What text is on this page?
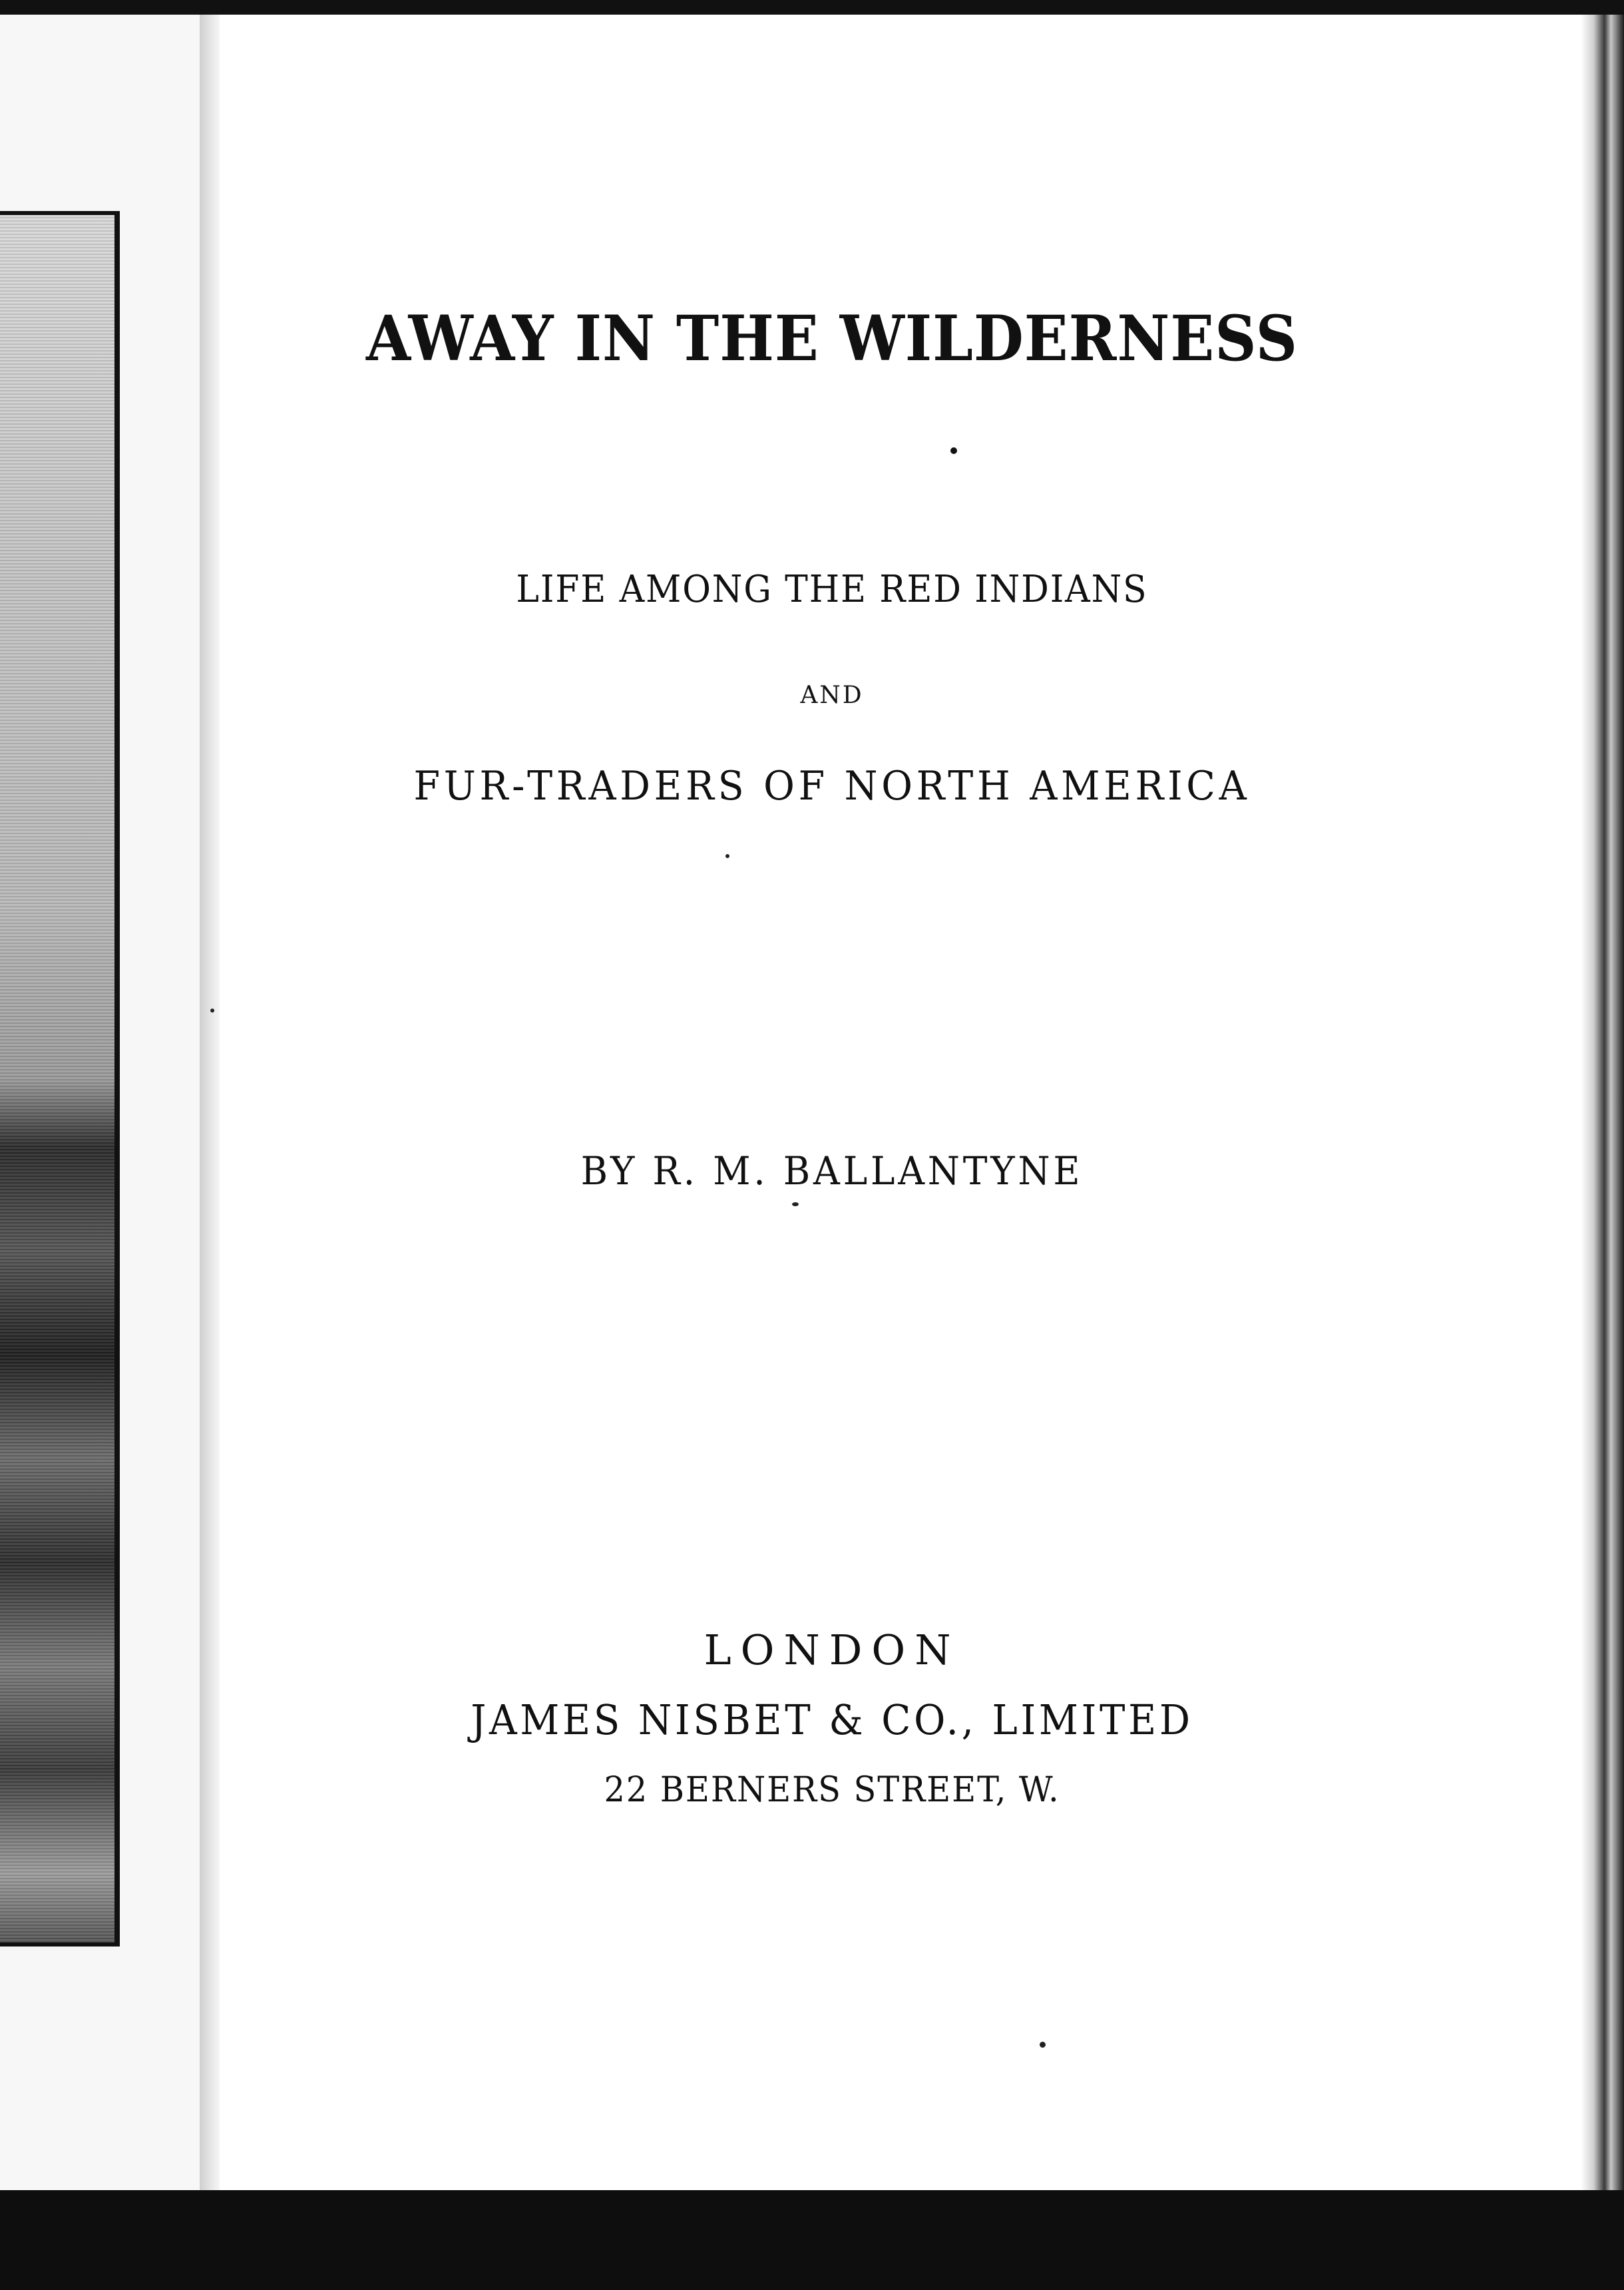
AWAY IN THE WILDERNESS

LIFE AMONG THE RED INDIANS

AND

FUR-TRADERS OF NORTH AMERICA

BY R. M. BALLANTYNE

LONDON

JAMES NISBET & CO., LIMITED

22 BERNERS STREET, W.
